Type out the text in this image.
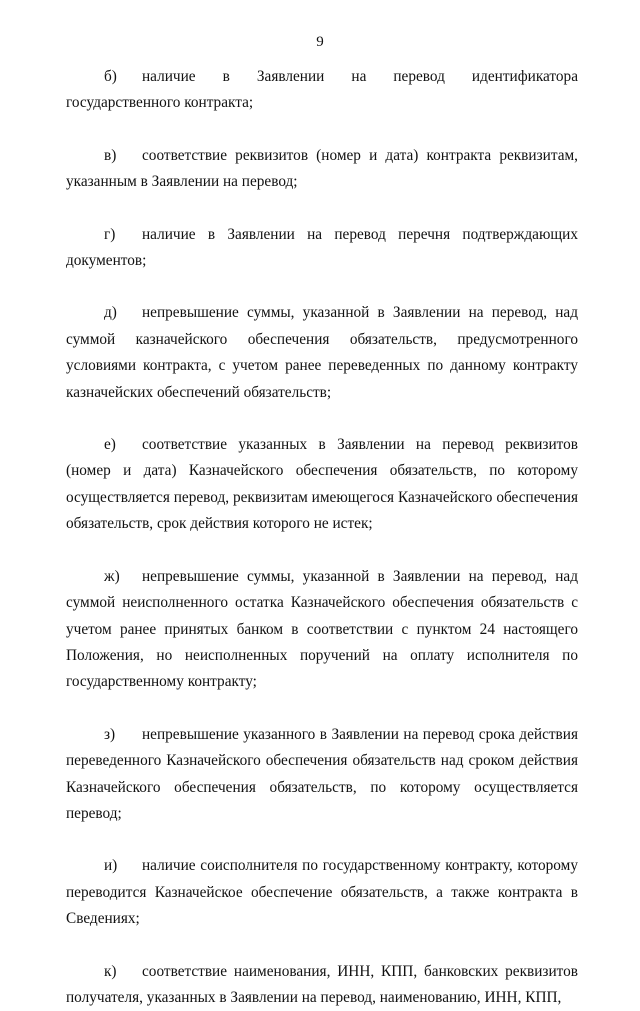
9

б) наличие в Заявлении на перевод идентификатора государственного контракта;

в) соответствие реквизитов (номер и дата) контракта реквизитам, указанным в Заявлении на перевод;

г) наличие в Заявлении на перевод перечня подтверждающих документов;

д) непревышение суммы, указанной в Заявлении на перевод, над суммой казначейского обеспечения обязательств, предусмотренного условиями контракта, с учетом ранее переведенных по данному контракту казначейских обеспечений обязательств;

е) соответствие указанных в Заявлении на перевод реквизитов (номер и дата) Казначейского обеспечения обязательств, по которому осуществляется перевод, реквизитам имеющегося Казначейского обеспечения обязательств, срок действия которого не истек;

ж) непревышение суммы, указанной в Заявлении на перевод, над суммой неисполненного остатка Казначейского обеспечения обязательств с учетом ранее принятых банком в соответствии с пунктом 24 настоящего Положения, но неисполненных поручений на оплату исполнителя по государственному контракту;

з) непревышение указанного в Заявлении на перевод срока действия переведенного Казначейского обеспечения обязательств над сроком действия Казначейского обеспечения обязательств, по которому осуществляется перевод;

и) наличие соисполнителя по государственному контракту, которому переводится Казначейское обеспечение обязательств, а также контракта в Сведениях;

к) соответствие наименования, ИНН, КПП, банковских реквизитов получателя, указанных в Заявлении на перевод, наименованию, ИНН, КПП,
